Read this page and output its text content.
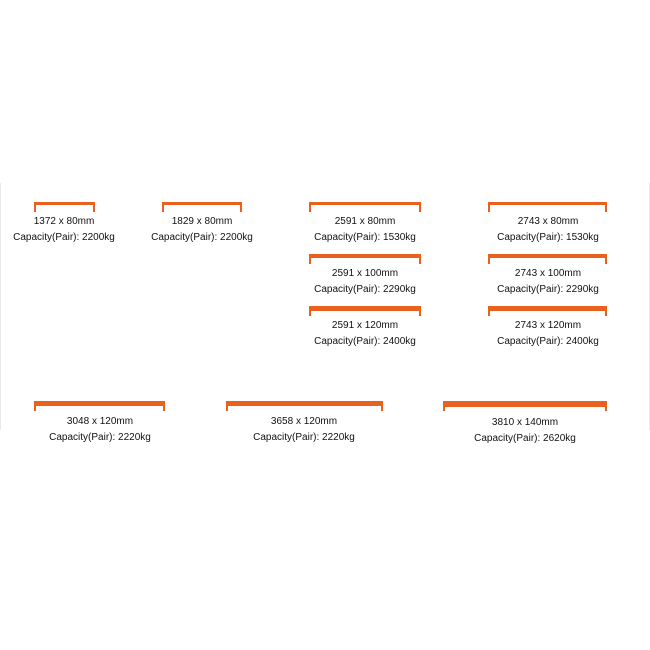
1372 x 80mm
Capacity(Pair): 2200kg
1829 x 80mm
Capacity(Pair): 2200kg
2591 x 80mm
Capacity(Pair): 1530kg
2743 x 80mm
Capacity(Pair): 1530kg
2591 x 100mm
Capacity(Pair): 2290kg
2743 x 100mm
Capacity(Pair): 2290kg
2591 x 120mm
Capacity(Pair): 2400kg
2743 x 120mm
Capacity(Pair): 2400kg
3048 x 120mm
Capacity(Pair): 2220kg
3658 x 120mm
Capacity(Pair): 2220kg
3810 x 140mm
Capacity(Pair): 2620kg
